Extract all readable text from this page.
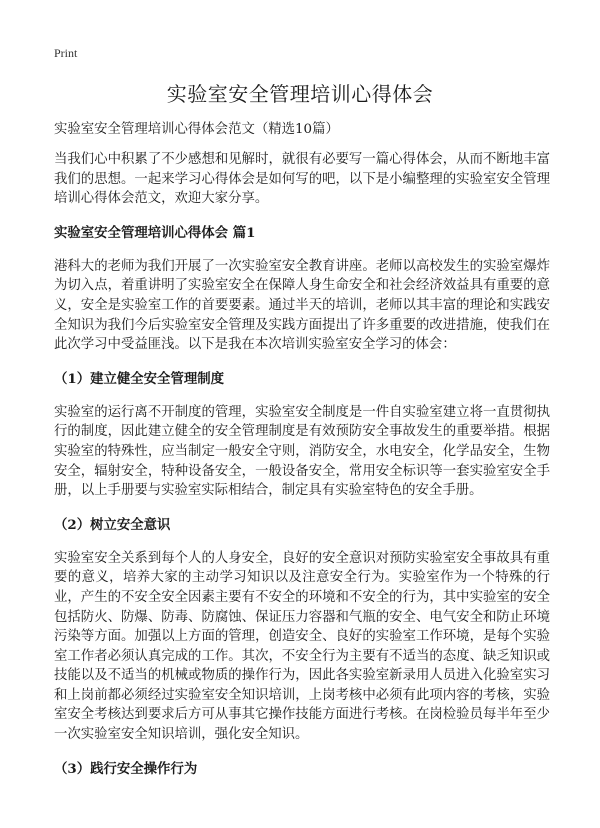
Print
实验室安全管理培训心得体会

实验室安全管理培训心得体会范文（精选10篇）

当我们心中积累了不少感想和见解时，就很有必要写一篇心得体会，从而不断地丰富我们的思想。一起来学习心得体会是如何写的吧，以下是小编整理的实验室安全管理培训心得体会范文，欢迎大家分享。

实验室安全管理培训心得体会 篇1

港科大的老师为我们开展了一次实验室安全教育讲座。老师以高校发生的实验室爆炸为切入点，着重讲明了实验室安全在保障人身生命安全和社会经济效益具有重要的意义，安全是实验室工作的首要要素。通过半天的培训，老师以其丰富的理论和实践安全知识为我们今后实验室安全管理及实践方面提出了许多重要的改进措施，使我们在此次学习中受益匪浅。以下是我在本次培训实验室安全学习的体会：

（1）建立健全安全管理制度

实验室的运行离不开制度的管理，实验室安全制度是一件自实验室建立将一直贯彻执行的制度，因此建立健全的安全管理制度是有效预防安全事故发生的重要举措。根据实验室的特殊性，应当制定一般安全守则，消防安全，水电安全，化学品安全，生物安全，辐射安全，特种设备安全，一般设备安全，常用安全标识等一套实验室安全手册，以上手册要与实验室实际相结合，制定具有实验室特色的安全手册。

（2）树立安全意识

实验室安全关系到每个人的人身安全，良好的安全意识对预防实验室安全事故具有重要的意义，培养大家的主动学习知识以及注意安全行为。实验室作为一个特殊的行业，产生的不安全安全因素主要有不安全的环境和不安全的行为，其中实验室的安全包括防火、防爆、防毒、防腐蚀、保证压力容器和气瓶的安全、电气安全和防止环境污染等方面。加强以上方面的管理，创造安全、良好的实验室工作环境，是每个实验室工作者必须认真完成的工作。其次，不安全行为主要有不适当的态度、缺乏知识或技能以及不适当的机械或物质的操作行为，因此各实验室新录用人员进入化验室实习和上岗前都必须经过实验室安全知识培训，上岗考核中必须有此项内容的考核，实验室安全考核达到要求后方可从事其它操作技能方面进行考核。在岗检验员每半年至少一次实验室安全知识培训，强化安全知识。

（3）践行安全操作行为
